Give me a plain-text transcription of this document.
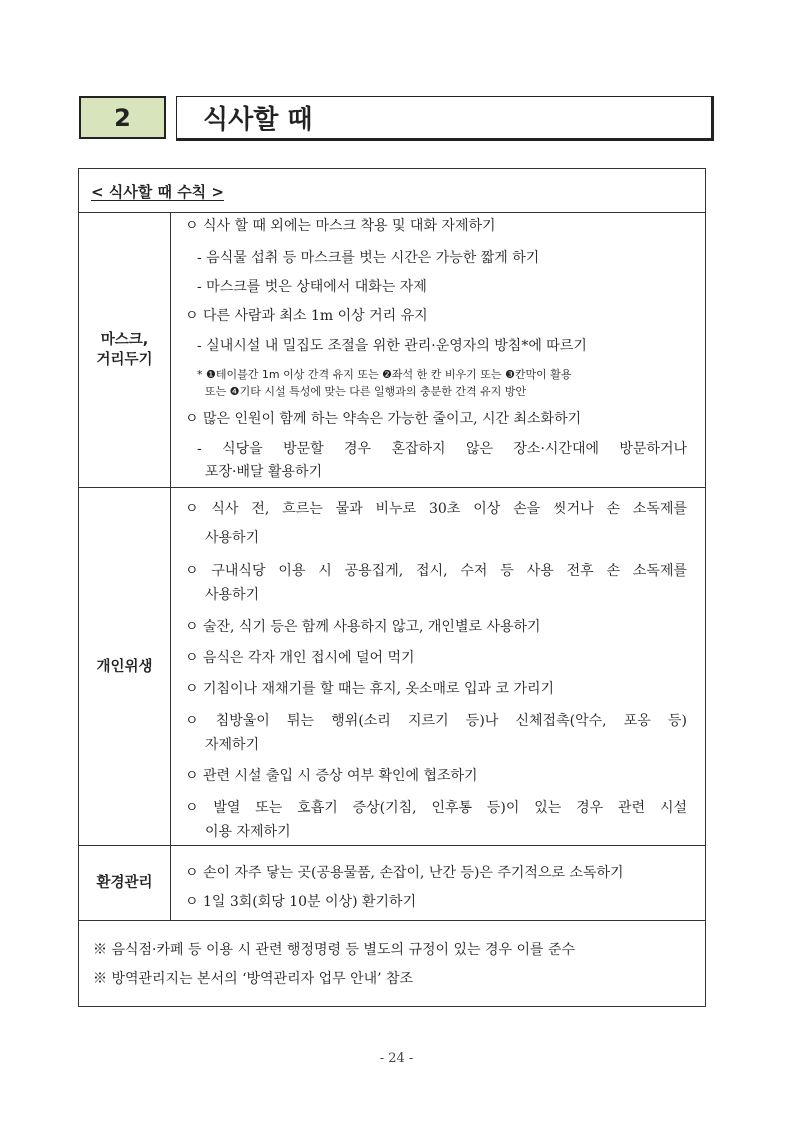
2	식사할 때
< 식사할 때 수칙 >
마스크,
거리두기
ㅇ 식사 할 때 외에는 마스크 착용 및 대화 자제하기
- 음식물 섭취 등 마스크를 벗는 시간은 가능한 짧게 하기
- 마스크를 벗은 상태에서 대화는 자제
ㅇ 다른 사람과 최소 1m 이상 거리 유지
- 실내시설 내 밀집도 조절을 위한 관리·운영자의 방침*에 따르기
* ❶테이블간 1m 이상 간격 유지 또는 ❷좌석 한 칸 비우기 또는 ❸칸막이 활용
또는 ❹기타 시설 특성에 맞는 다른 일행과의 충분한 간격 유지 방안
ㅇ 많은 인원이 함께 하는 약속은 가능한 줄이고, 시간 최소화하기
- 식당을 방문할 경우 혼잡하지 않은 장소·시간대에 방문하거나
포장·배달 활용하기
개인위생
ㅇ 식사 전, 흐르는 물과 비누로 30초 이상 손을 씻거나 손 소독제를
사용하기
ㅇ 구내식당 이용 시 공용집게, 접시, 수저 등 사용 전후 손 소독제를
사용하기
ㅇ 술잔, 식기 등은 함께 사용하지 않고, 개인별로 사용하기
ㅇ 음식은 각자 개인 접시에 덜어 먹기
ㅇ 기침이나 재채기를 할 때는 휴지, 옷소매로 입과 코 가리기
ㅇ 침방울이 튀는 행위(소리 지르기 등)나 신체접촉(악수, 포옹 등)
자제하기
ㅇ 관련 시설 출입 시 증상 여부 확인에 협조하기
ㅇ 발열 또는 호흡기 증상(기침, 인후통 등)이 있는 경우 관련 시설
이용 자제하기
환경관리
ㅇ 손이 자주 닿는 곳(공용물품, 손잡이, 난간 등)은 주기적으로 소독하기
ㅇ 1일 3회(회당 10분 이상) 환기하기
※ 음식점·카페 등 이용 시 관련 행정명령 등 별도의 규정이 있는 경우 이를 준수
※ 방역관리지는 본서의 ‘방역관리자 업무 안내’ 참조
- 24 -
